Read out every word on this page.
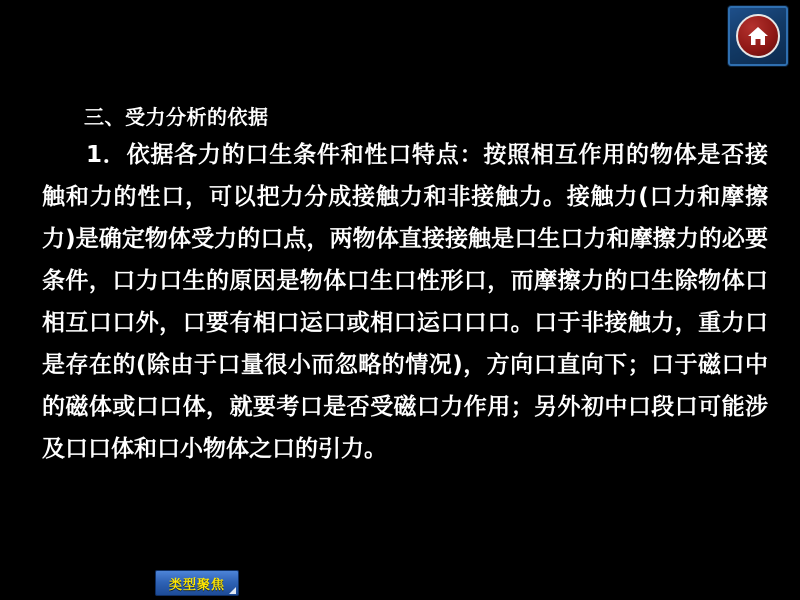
三、受力分析的依据
1．依据各力的口生条件和性口特点：按照相互作用的物体是否接触和力的性口，可以把力分成接触力和非接触力。接触力(口力和摩擦力)是确定物体受力的口点，两物体直接接触是口生口力和摩擦力的必要条件，口力口生的原因是物体口生口性形口，而摩擦力的口生除物体口相互口口外，口要有相口运口或相口运口口口。口于非接触力，重力口是存在的(除由于口量很小而忽略的情况)，方向口直向下；口于磁口中的磁体或口口体，就要考口是否受磁口力作用；另外初中口段口可能涉及口口体和口小物体之口的引力。
类型聚焦
